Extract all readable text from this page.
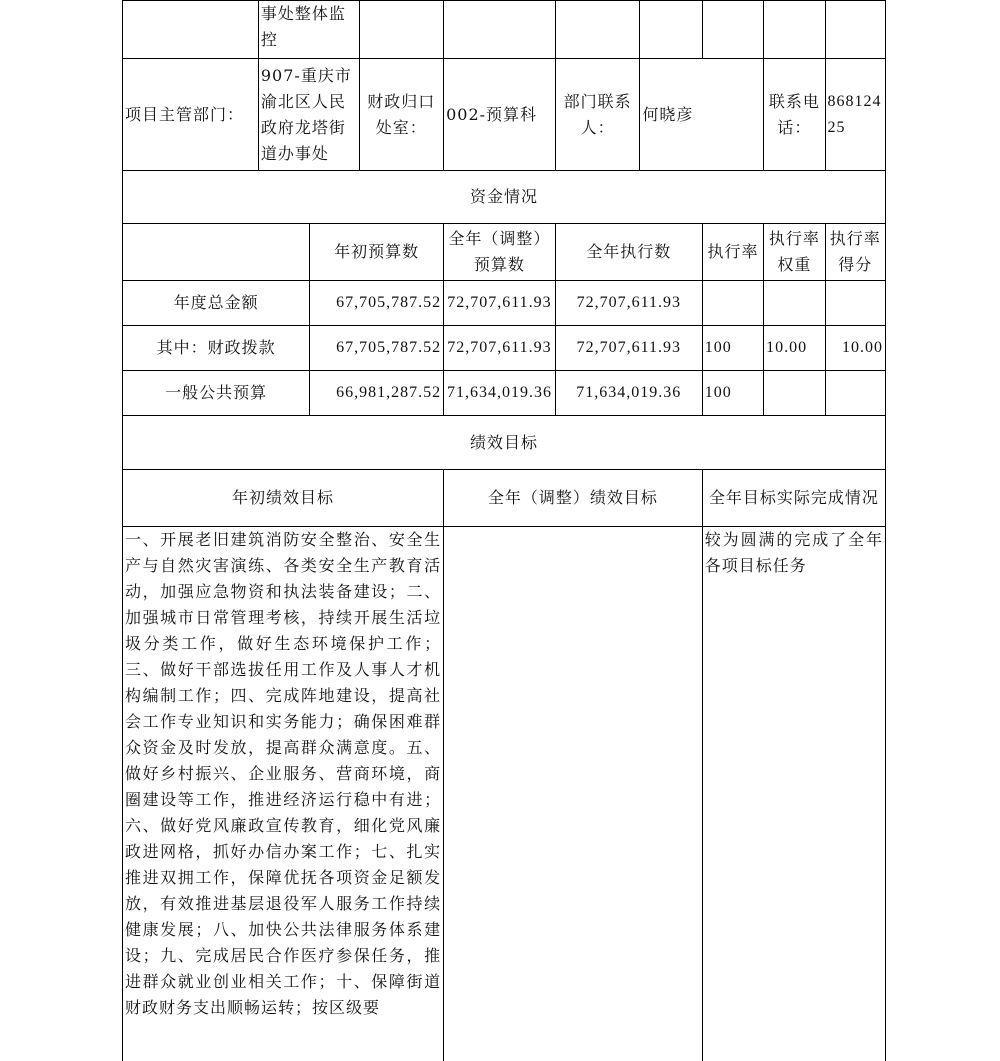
	事处整体监控								
项目主管部门：	907-重庆市渝北区人民政府龙塔街道办事处		财政归口处室：	002-预算科	部门联系人：	何晓彦		联系电话：	86812425
资金情况									
		年初预算数		全年（调整）预算数	全年执行数		执行率	执行率权重	执行率得分
年度总金额		67,705,787.52		72,707,611.93	72,707,611.93				
其中：财政拨款		67,705,787.52		72,707,611.93	72,707,611.93		100	10.00	10.00
一般公共预算		66,981,287.52		71,634,019.36	71,634,019.36		100		
绩效目标									
年初绩效目标				全年（调整）绩效目标			全年目标实际完成情况		
一、开展老旧建筑消防安全整治、安全生产与自然灾害演练、各类安全生产教育活动，加强应急物资和执法装备建设；二、加强城市日常管理考核，持续开展生活垃圾分类工作，做好生态环境保护工作；三、做好干部选拔任用工作及人事人才机构编制工作；四、完成阵地建设，提高社会工作专业知识和实务能力；确保困难群众资金及时发放，提高群众满意度。五、做好乡村振兴、企业服务、营商环境，商圈建设等工作，推进经济运行稳中有进；六、做好党风廉政宣传教育，细化党风廉政进网格，抓好办信办案工作；七、扎实推进双拥工作，保障优抚各项资金足额发放，有效推进基层退役军人服务工作持续健康发展；八、加快公共法律服务体系建设；九、完成居民合作医疗参保任务，推进群众就业创业相关工作；十、保障街道财政财务支出顺畅运转；按区级要							较为圆满的完成了全年各项目标任务		
